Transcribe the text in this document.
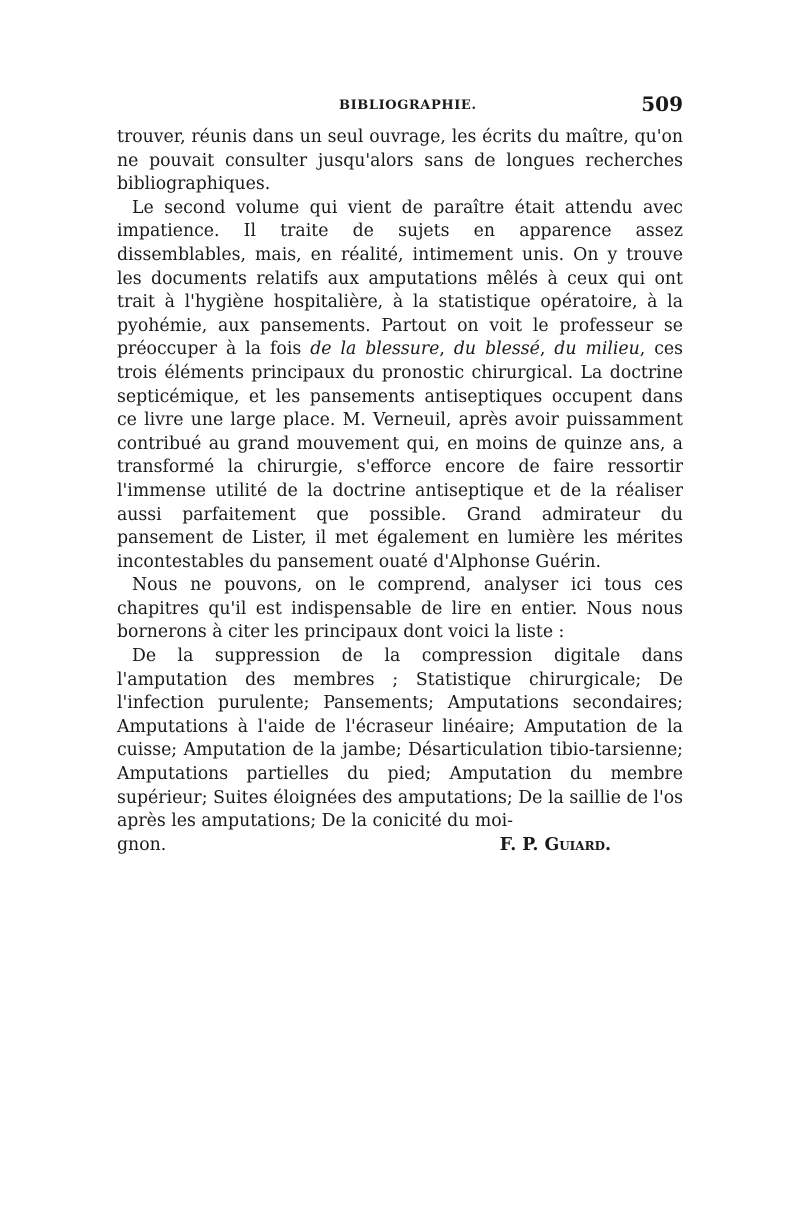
BIBLIOGRAPHIE.	509

trouver, réunis dans un seul ouvrage, les écrits du maître, qu'on ne pouvait consulter jusqu'alors sans de longues recherches bibliographiques.

Le second volume qui vient de paraître était attendu avec impatience. Il traite de sujets en apparence assez dissemblables, mais, en réalité, intimement unis. On y trouve les documents relatifs aux amputations mêlés à ceux qui ont trait à l'hygiène hospitalière, à la statistique opératoire, à la pyohémie, aux pansements. Partout on voit le professeur se préoccuper à la fois de la blessure, du blessé, du milieu, ces trois éléments principaux du pronostic chirurgical. La doctrine septicémique, et les pansements antiseptiques occupent dans ce livre une large place. M. Verneuil, après avoir puissamment contribué au grand mouvement qui, en moins de quinze ans, a transformé la chirurgie, s'efforce encore de faire ressortir l'immense utilité de la doctrine antiseptique et de la réaliser aussi parfaitement que possible. Grand admirateur du pansement de Lister, il met également en lumière les mérites incontestables du pansement ouaté d'Alphonse Guérin.

Nous ne pouvons, on le comprend, analyser ici tous ces chapitres qu'il est indispensable de lire en entier. Nous nous bornerons à citer les principaux dont voici la liste :

De la suppression de la compression digitale dans l'amputation des membres ; Statistique chirurgicale; De l'infection purulente; Pansements; Amputations secondaires; Amputations à l'aide de l'écraseur linéaire; Amputation de la cuisse; Amputation de la jambe; Désarticulation tibio-tarsienne; Amputations partielles du pied; Amputation du membre supérieur; Suites éloignées des amputations; De la saillie de l'os après les amputations; De la conicité du moi-

gnon.	F. P. Guiard.
